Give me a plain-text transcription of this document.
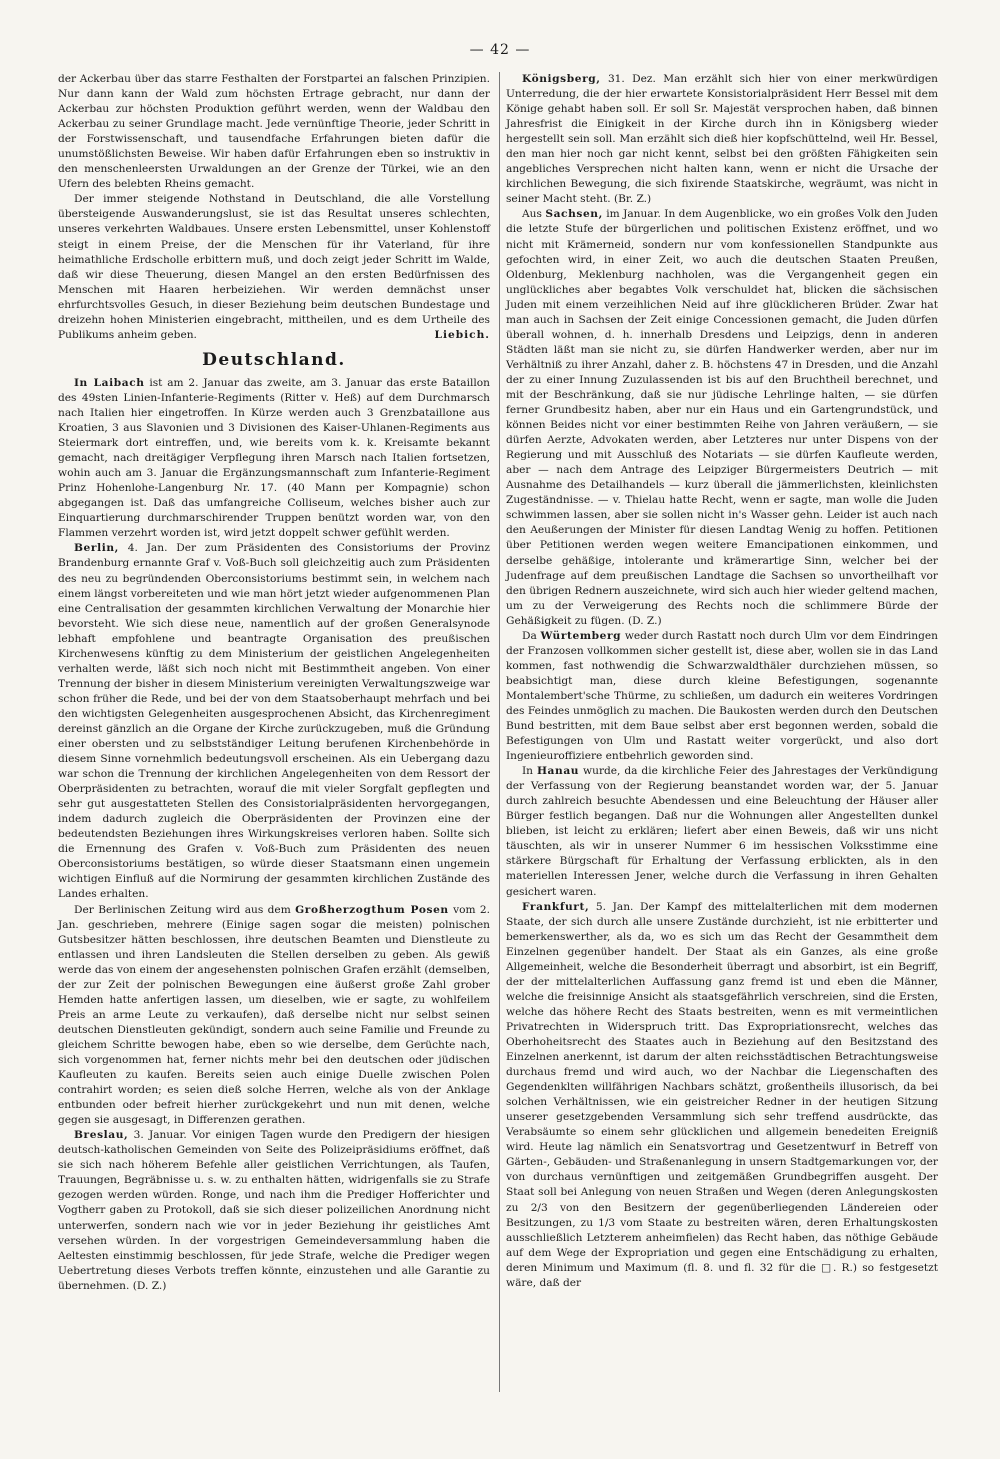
— 42 —

der Ackerbau über das starre Festhalten der Forstpartei an falschen Prinzipien. Nur dann kann der Wald zum höchsten Ertrage gebracht, nur dann der Ackerbau zur höchsten Produktion geführt werden, wenn der Waldbau den Ackerbau zu seiner Grundlage macht. Jede vernünftige Theorie, jeder Schritt in der Forstwissenschaft, und tausendfache Erfahrungen bieten dafür die unumstößlichsten Beweise. Wir haben dafür Erfahrungen eben so instruktiv in den menschenleersten Urwaldungen an der Grenze der Türkei, wie an den Ufern des belebten Rheins gemacht.

Der immer steigende Nothstand in Deutschland, die alle Vorstellung übersteigende Auswanderungslust, sie ist das Resultat unseres schlechten, unseres verkehrten Waldbaues. Unsere ersten Lebensmittel, unser Kohlenstoff steigt in einem Preise, der die Menschen für ihr Vaterland, für ihre heimathliche Erdscholle erbittern muß, und doch zeigt jeder Schritt im Walde, daß wir diese Theuerung, diesen Mangel an den ersten Bedürfnissen des Menschen mit Haaren herbeiziehen. Wir werden demnächst unser ehrfurchtsvolles Gesuch, in dieser Beziehung beim deutschen Bundestage und dreizehn hohen Ministerien eingebracht, mittheilen, und es dem Urtheile des Publikums anheim geben.	Liebich.

Deutschland.

In Laibach ist am 2. Januar das zweite, am 3. Januar das erste Bataillon des 49sten Linien-Infanterie-Regiments (Ritter v. Heß) auf dem Durchmarsch nach Italien hier eingetroffen. In Kürze werden auch 3 Grenzbataillone aus Kroatien, 3 aus Slavonien und 3 Divisionen des Kaiser-Uhlanen-Regiments aus Steiermark dort eintreffen, und, wie bereits vom k. k. Kreisamte bekannt gemacht, nach dreitägiger Verpflegung ihren Marsch nach Italien fortsetzen, wohin auch am 3. Januar die Ergänzungsmannschaft zum Infanterie-Regiment Prinz Hohenlohe-Langenburg Nr. 17. (40 Mann per Kompagnie) schon abgegangen ist. Daß das umfangreiche Colliseum, welches bisher auch zur Einquartierung durchmarschirender Truppen benützt worden war, von den Flammen verzehrt worden ist, wird jetzt doppelt schwer gefühlt werden.

Berlin, 4. Jan. Der zum Präsidenten des Consistoriums der Provinz Brandenburg ernannte Graf v. Voß-Buch soll gleichzeitig auch zum Präsidenten des neu zu begründenden Oberconsistoriums bestimmt sein, in welchem nach einem längst vorbereiteten und wie man hört jetzt wieder aufgenommenen Plan eine Centralisation der gesammten kirchlichen Verwaltung der Monarchie hier bevorsteht. Wie sich diese neue, namentlich auf der großen Generalsynode lebhaft empfohlene und beantragte Organisation des preußischen Kirchenwesens künftig zu dem Ministerium der geistlichen Angelegenheiten verhalten werde, läßt sich noch nicht mit Bestimmtheit angeben. Von einer Trennung der bisher in diesem Ministerium vereinigten Verwaltungszweige war schon früher die Rede, und bei der von dem Staatsoberhaupt mehrfach und bei den wichtigsten Gelegenheiten ausgesprochenen Absicht, das Kirchenregiment dereinst gänzlich an die Organe der Kirche zurückzugeben, muß die Gründung einer obersten und zu selbstständiger Leitung berufenen Kirchenbehörde in diesem Sinne vornehmlich bedeutungsvoll erscheinen. Als ein Uebergang dazu war schon die Trennung der kirchlichen Angelegenheiten von dem Ressort der Oberpräsidenten zu betrachten, worauf die mit vieler Sorgfalt gepflegten und sehr gut ausgestatteten Stellen des Consistorialpräsidenten hervorgegangen, indem dadurch zugleich die Oberpräsidenten der Provinzen eine der bedeutendsten Beziehungen ihres Wirkungskreises verloren haben. Sollte sich die Ernennung des Grafen v. Voß-Buch zum Präsidenten des neuen Oberconsistoriums bestätigen, so würde dieser Staatsmann einen ungemein wichtigen Einfluß auf die Normirung der gesammten kirchlichen Zustände des Landes erhalten.

Der Berlinischen Zeitung wird aus dem Großherzogthum Posen vom 2. Jan. geschrieben, mehrere (Einige sagen sogar die meisten) polnischen Gutsbesitzer hätten beschlossen, ihre deutschen Beamten und Dienstleute zu entlassen und ihren Landsleuten die Stellen derselben zu geben. Als gewiß werde das von einem der angesehensten polnischen Grafen erzählt (demselben, der zur Zeit der polnischen Bewegungen eine äußerst große Zahl grober Hemden hatte anfertigen lassen, um dieselben, wie er sagte, zu wohlfeilem Preis an arme Leute zu verkaufen), daß derselbe nicht nur selbst seinen deutschen Dienstleuten gekündigt, sondern auch seine Familie und Freunde zu gleichem Schritte bewogen habe, eben so wie derselbe, dem Gerüchte nach, sich vorgenommen hat, ferner nichts mehr bei den deutschen oder jüdischen Kaufleuten zu kaufen. Bereits seien auch einige Duelle zwischen Polen contrahirt worden; es seien dieß solche Herren, welche als von der Anklage entbunden oder befreit hierher zurückgekehrt und nun mit denen, welche gegen sie ausgesagt, in Differenzen gerathen.

Breslau, 3. Januar. Vor einigen Tagen wurde den Predigern der hiesigen deutsch-katholischen Gemeinden von Seite des Polizeipräsidiums eröffnet, daß sie sich nach höherem Befehle aller geistlichen Verrichtungen, als Taufen, Trauungen, Begräbnisse u. s. w. zu enthalten hätten, widrigenfalls sie zu Strafe gezogen werden würden. Ronge, und nach ihm die Prediger Hofferichter und Vogtherr gaben zu Protokoll, daß sie sich dieser polizeilichen Anordnung nicht unterwerfen, sondern nach wie vor in jeder Beziehung ihr geistliches Amt versehen würden. In der vorgestrigen Gemeindeversammlung haben die Aeltesten einstimmig beschlossen, für jede Strafe, welche die Prediger wegen Uebertretung dieses Verbots treffen könnte, einzustehen und alle Garantie zu übernehmen. (D. Z.)

Königsberg, 31. Dez. Man erzählt sich hier von einer merkwürdigen Unterredung, die der hier erwartete Konsistorialpräsident Herr Bessel mit dem Könige gehabt haben soll. Er soll Sr. Majestät versprochen haben, daß binnen Jahresfrist die Einigkeit in der Kirche durch ihn in Königsberg wieder hergestellt sein soll. Man erzählt sich dieß hier kopfschüttelnd, weil Hr. Bessel, den man hier noch gar nicht kennt, selbst bei den größten Fähigkeiten sein angebliches Versprechen nicht halten kann, wenn er nicht die Ursache der kirchlichen Bewegung, die sich fixirende Staatskirche, wegräumt, was nicht in seiner Macht steht. (Br. Z.)

Aus Sachsen, im Januar. In dem Augenblicke, wo ein großes Volk den Juden die letzte Stufe der bürgerlichen und politischen Existenz eröffnet, und wo nicht mit Krämerneid, sondern nur vom konfessionellen Standpunkte aus gefochten wird, in einer Zeit, wo auch die deutschen Staaten Preußen, Oldenburg, Meklenburg nachholen, was die Vergangenheit gegen ein unglückliches aber begabtes Volk verschuldet hat, blicken die sächsischen Juden mit einem verzeihlichen Neid auf ihre glücklicheren Brüder. Zwar hat man auch in Sachsen der Zeit einige Concessionen gemacht, die Juden dürfen überall wohnen, d. h. innerhalb Dresdens und Leipzigs, denn in anderen Städten läßt man sie nicht zu, sie dürfen Handwerker werden, aber nur im Verhältniß zu ihrer Anzahl, daher z. B. höchstens 47 in Dresden, und die Anzahl der zu einer Innung Zuzulassenden ist bis auf den Bruchtheil berechnet, und mit der Beschränkung, daß sie nur jüdische Lehrlinge halten, — sie dürfen ferner Grundbesitz haben, aber nur ein Haus und ein Gartengrundstück, und können Beides nicht vor einer bestimmten Reihe von Jahren veräußern, — sie dürfen Aerzte, Advokaten werden, aber Letzteres nur unter Dispens von der Regierung und mit Ausschluß des Notariats — sie dürfen Kaufleute werden, aber — nach dem Antrage des Leipziger Bürgermeisters Deutrich — mit Ausnahme des Detailhandels — kurz überall die jämmerlichsten, kleinlichsten Zugeständnisse. — v. Thielau hatte Recht, wenn er sagte, man wolle die Juden schwimmen lassen, aber sie sollen nicht in's Wasser gehn. Leider ist auch nach den Aeußerungen der Minister für diesen Landtag Wenig zu hoffen. Petitionen über Petitionen werden wegen weitere Emancipationen einkommen, und derselbe gehäßige, intolerante und krämerartige Sinn, welcher bei der Judenfrage auf dem preußischen Landtage die Sachsen so unvortheilhaft vor den übrigen Rednern auszeichnete, wird sich auch hier wieder geltend machen, um zu der Verweigerung des Rechts noch die schlimmere Bürde der Gehäßigkeit zu fügen. (D. Z.)

Da Würtemberg weder durch Rastatt noch durch Ulm vor dem Eindringen der Franzosen vollkommen sicher gestellt ist, diese aber, wollen sie in das Land kommen, fast nothwendig die Schwarzwaldthäler durchziehen müssen, so beabsichtigt man, diese durch kleine Befestigungen, sogenannte Montalembert'sche Thürme, zu schließen, um dadurch ein weiteres Vordringen des Feindes unmöglich zu machen. Die Baukosten werden durch den Deutschen Bund bestritten, mit dem Baue selbst aber erst begonnen werden, sobald die Befestigungen von Ulm und Rastatt weiter vorgerückt, und also dort Ingenieuroffiziere entbehrlich geworden sind.

In Hanau wurde, da die kirchliche Feier des Jahrestages der Verkündigung der Verfassung von der Regierung beanstandet worden war, der 5. Januar durch zahlreich besuchte Abendessen und eine Beleuchtung der Häuser aller Bürger festlich begangen. Daß nur die Wohnungen aller Angestellten dunkel blieben, ist leicht zu erklären; liefert aber einen Beweis, daß wir uns nicht täuschten, als wir in unserer Nummer 6 im hessischen Volksstimme eine stärkere Bürgschaft für Erhaltung der Verfassung erblickten, als in den materiellen Interessen Jener, welche durch die Verfassung in ihren Gehalten gesichert waren.

Frankfurt, 5. Jan. Der Kampf des mittelalterlichen mit dem modernen Staate, der sich durch alle unsere Zustände durchzieht, ist nie erbitterter und bemerkenswerther, als da, wo es sich um das Recht der Gesammtheit dem Einzelnen gegenüber handelt. Der Staat als ein Ganzes, als eine große Allgemeinheit, welche die Besonderheit überragt und absorbirt, ist ein Begriff, der der mittelalterlichen Auffassung ganz fremd ist und eben die Männer, welche die freisinnige Ansicht als staatsgefährlich verschreien, sind die Ersten, welche das höhere Recht des Staats bestreiten, wenn es mit vermeintlichen Privatrechten in Widerspruch tritt. Das Expropriationsrecht, welches das Oberhoheitsrecht des Staates auch in Beziehung auf den Besitzstand des Einzelnen anerkennt, ist darum der alten reichsstädtischen Betrachtungsweise durchaus fremd und wird auch, wo der Nachbar die Liegenschaften des Gegendenklten willfährigen Nachbars schätzt, großentheils illusorisch, da bei solchen Verhältnissen, wie ein geistreicher Redner in der heutigen Sitzung unserer gesetzgebenden Versammlung sich sehr treffend ausdrückte, das Verabsäumte so einem sehr glücklichen und allgemein benedeiten Ereigniß wird. Heute lag nämlich ein Senatsvortrag und Gesetzentwurf in Betreff von Gärten-, Gebäuden- und Straßenanlegung in unsern Stadtgemarkungen vor, der von durchaus vernünftigen und zeitgemäßen Grundbegriffen ausgeht. Der Staat soll bei Anlegung von neuen Straßen und Wegen (deren Anlegungskosten zu 2/3 von den Besitzern der gegenüberliegenden Ländereien oder Besitzungen, zu 1/3 vom Staate zu bestreiten wären, deren Erhaltungskosten ausschließlich Letzterem anheimfielen) das Recht haben, das nöthige Gebäude auf dem Wege der Expropriation und gegen eine Entschädigung zu erhalten, deren Minimum und Maximum (fl. 8. und fl. 32 für die □. R.) so festgesetzt wäre, daß der
